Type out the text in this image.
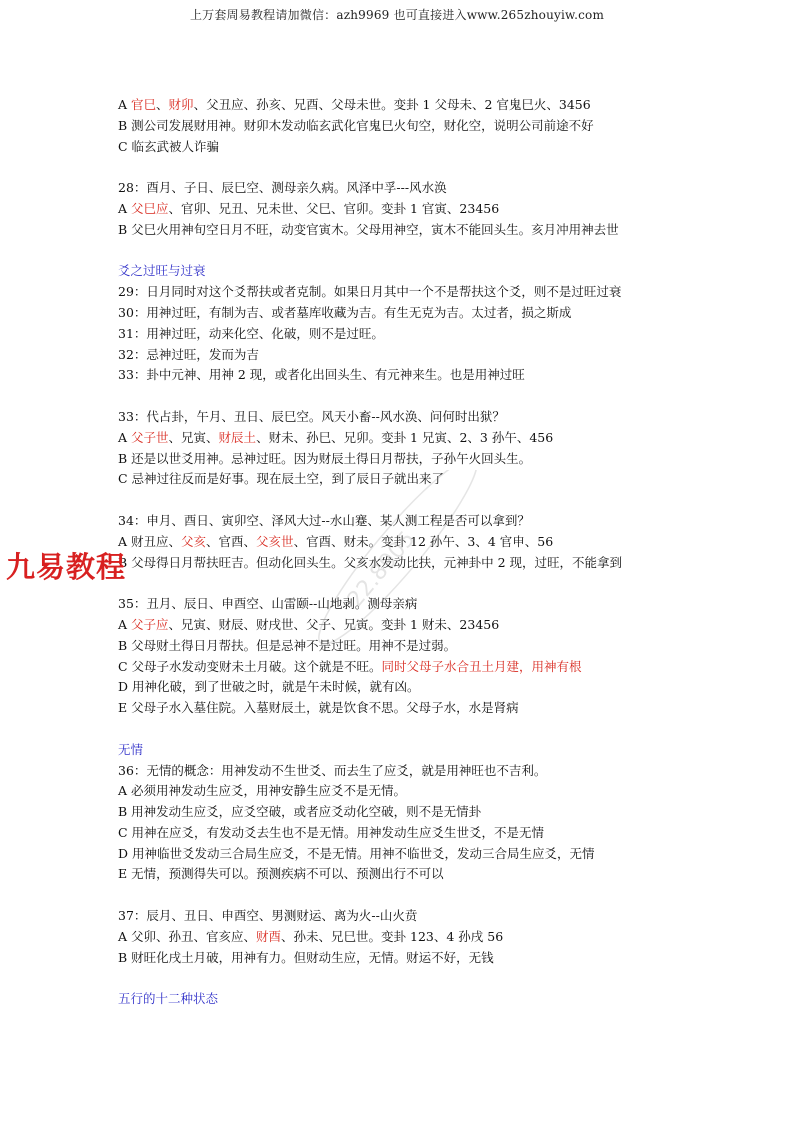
上万套周易教程请加微信：azh9969 也可直接进入www.265zhouyiw.com
A 官巳、财卯、父丑应、孙亥、兄酉、父母未世。变卦 1 父母未、2 官鬼巳火、3456
B 测公司发展财用神。财卯木发动临玄武化官鬼巳火旬空，财化空，说明公司前途不好
C 临玄武被人诈骗
28：酉月、子日、辰巳空、测母亲久病。风泽中孚---风水涣
A 父巳应、官卯、兄丑、兄未世、父巳、官卯。变卦 1 官寅、23456
B 父巳火用神旬空日月不旺，动变官寅木。父母用神空，寅木不能回头生。亥月冲用神去世
爻之过旺与过衰
29：日月同时对这个爻帮扶或者克制。如果日月其中一个不是帮扶这个爻，则不是过旺过衰
30：用神过旺，有制为吉、或者墓库收藏为吉。有生无克为吉。太过者，损之斯成
31：用神过旺，动来化空、化破，则不是过旺。
32：忌神过旺，发而为吉
33：卦中元神、用神 2 现，或者化出回头生、有元神来生。也是用神过旺
33：代占卦，午月、丑日、辰巳空。风天小畜--风水涣、问何时出狱？
A 父子世、兄寅、财辰土、财未、孙巳、兄卯。变卦 1 兄寅、2、3 孙午、456
B 还是以世爻用神。忌神过旺。因为财辰土得日月帮扶，子孙午火回头生。
C 忌神过往反而是好事。现在辰土空，到了辰日子就出来了
34：申月、酉日、寅卯空、泽风大过--水山蹇、某人测工程是否可以拿到？
A 财丑应、父亥、官酉、父亥世、官酉、财未。变卦 12 孙午、3、4 官申、56
B 父母得日月帮扶旺吉。但动化回头生。父亥水发动比扶，元神卦中 2 现，过旺，不能拿到
35：丑月、辰日、申酉空、山雷颐--山地剥。测母亲病
A 父子应、兄寅、财辰、财戌世、父子、兄寅。变卦 1 财未、23456
B 父母财土得日月帮扶。但是忌神不是过旺。用神不是过弱。
C 父母子水发动变财未土月破。这个就是不旺。同时父母子水合丑土月建，用神有根
D 用神化破，到了世破之时，就是午未时候，就有凶。
E 父母子水入墓住院。入墓财辰土，就是饮食不思。父母子水，水是肾病
无情
36：无情的概念：用神发动不生世爻、而去生了应爻，就是用神旺也不吉利。
A 必须用神发动生应爻，用神安静生应爻不是无情。
B 用神发动生应爻，应爻空破，或者应爻动化空破，则不是无情卦
C 用神在应爻，有发动爻去生也不是无情。用神发动生应爻生世爻，不是无情
D 用神临世爻发动三合局生应爻，不是无情。用神不临世爻，发动三合局生应爻，无情
E 无情，预测得失可以。预测疾病不可以、预测出行不可以
37：辰月、丑日、申酉空、男测财运、离为火--山火贲
A 父卯、孙丑、官亥应、财酉、孙未、兄巳世。变卦 123、4 孙戌 56
B 财旺化戌土月破，用神有力。但财动生应，无情。财运不好，无钱
五行的十二种状态
九易教程	22.8905
